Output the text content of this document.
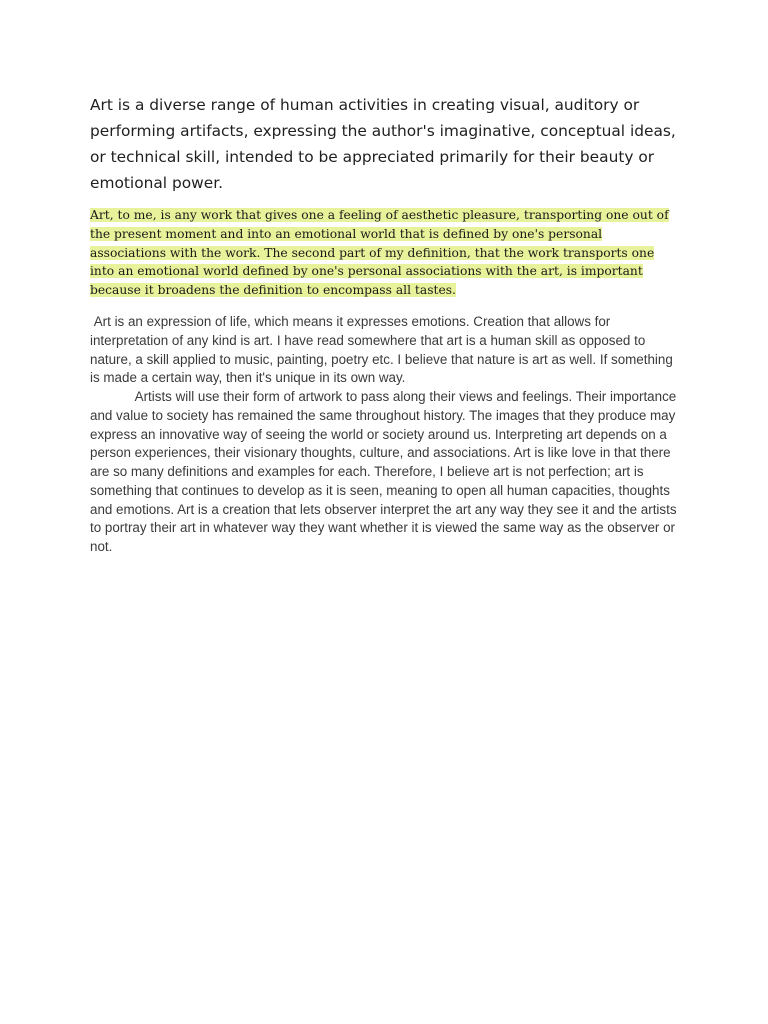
Art is a diverse range of human activities in creating visual, auditory or performing artifacts, expressing the author's imaginative, conceptual ideas, or technical skill, intended to be appreciated primarily for their beauty or emotional power.

Art, to me, is any work that gives one a feeling of aesthetic pleasure, transporting one out of the present moment and into an emotional world that is defined by one's personal associations with the work. The second part of my definition, that the work transports one into an emotional world defined by one's personal associations with the art, is important because it broadens the definition to encompass all tastes.

Art is an expression of life, which means it expresses emotions. Creation that allows for interpretation of any kind is art. I have read somewhere that art is a human skill as opposed to nature, a skill applied to music, painting, poetry etc. I believe that nature is art as well. If something is made a certain way, then it's unique in its own way.
Artists will use their form of artwork to pass along their views and feelings. Their importance and value to society has remained the same throughout history. The images that they produce may express an innovative way of seeing the world or society around us. Interpreting art depends on a person experiences, their visionary thoughts, culture, and associations. Art is like love in that there are so many definitions and examples for each. Therefore, I believe art is not perfection; art is something that continues to develop as it is seen, meaning to open all human capacities, thoughts and emotions. Art is a creation that lets observer interpret the art any way they see it and the artists to portray their art in whatever way they want whether it is viewed the same way as the observer or not.
